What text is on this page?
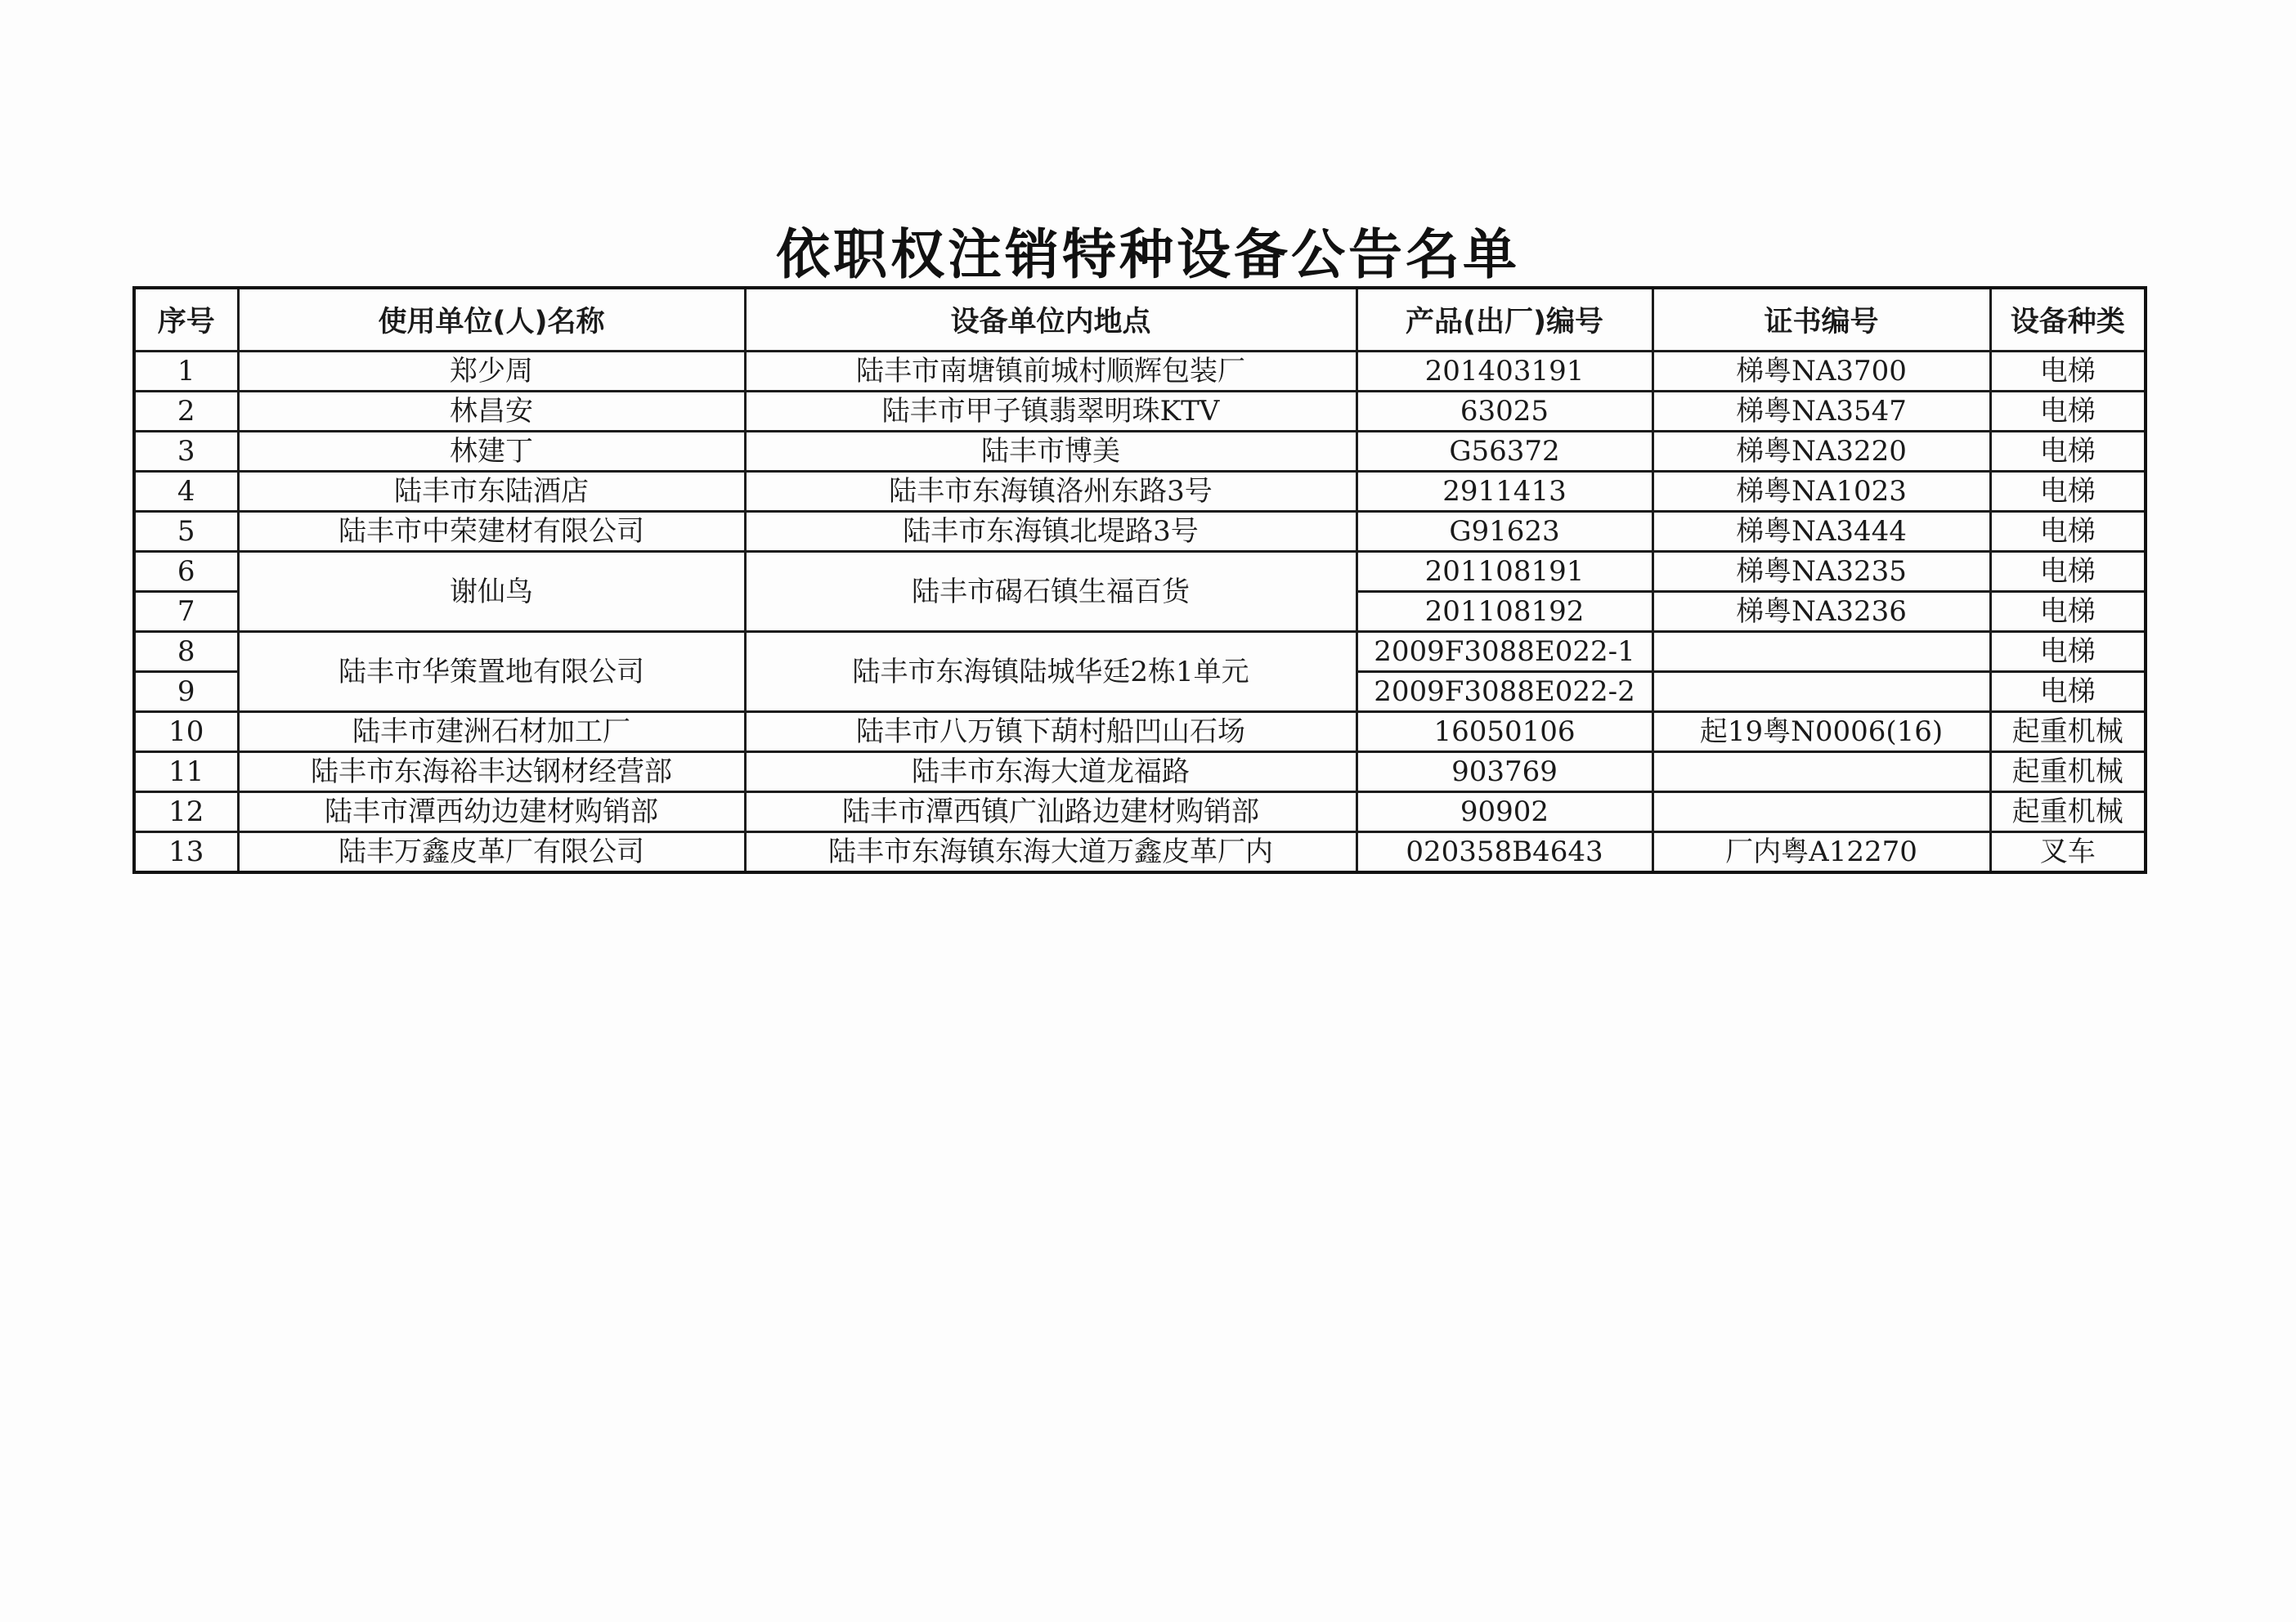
依职权注销特种设备公告名单
序号	使用单位(人)名称	设备单位内地点	产品(出厂)编号	证书编号	设备种类
1	郑少周	陆丰市南塘镇前城村顺辉包装厂	201403191	梯粤NA3700	电梯
2	林昌安	陆丰市甲子镇翡翠明珠KTV	63025	梯粤NA3547	电梯
3	林建丁	陆丰市博美	G56372	梯粤NA3220	电梯
4	陆丰市东陆酒店	陆丰市东海镇洛州东路3号	2911413	梯粤NA1023	电梯
5	陆丰市中荣建材有限公司	陆丰市东海镇北堤路3号	G91623	梯粤NA3444	电梯
6	谢仙鸟	陆丰市碣石镇生福百货	201108191	梯粤NA3235	电梯
7			201108192	梯粤NA3236	电梯
8	陆丰市华策置地有限公司	陆丰市东海镇陆城华廷2栋1单元	2009F3088E022-1		电梯
9			2009F3088E022-2		电梯
10	陆丰市建洲石材加工厂	陆丰市八万镇下葫村船凹山石场	16050106	起19粤N0006(16)	起重机械
11	陆丰市东海裕丰达钢材经营部	陆丰市东海大道龙福路	903769		起重机械
12	陆丰市潭西幼边建材购销部	陆丰市潭西镇广汕路边建材购销部	90902		起重机械
13	陆丰万鑫皮革厂有限公司	陆丰市东海镇东海大道万鑫皮革厂内	020358B4643	厂内粤A12270	叉车
